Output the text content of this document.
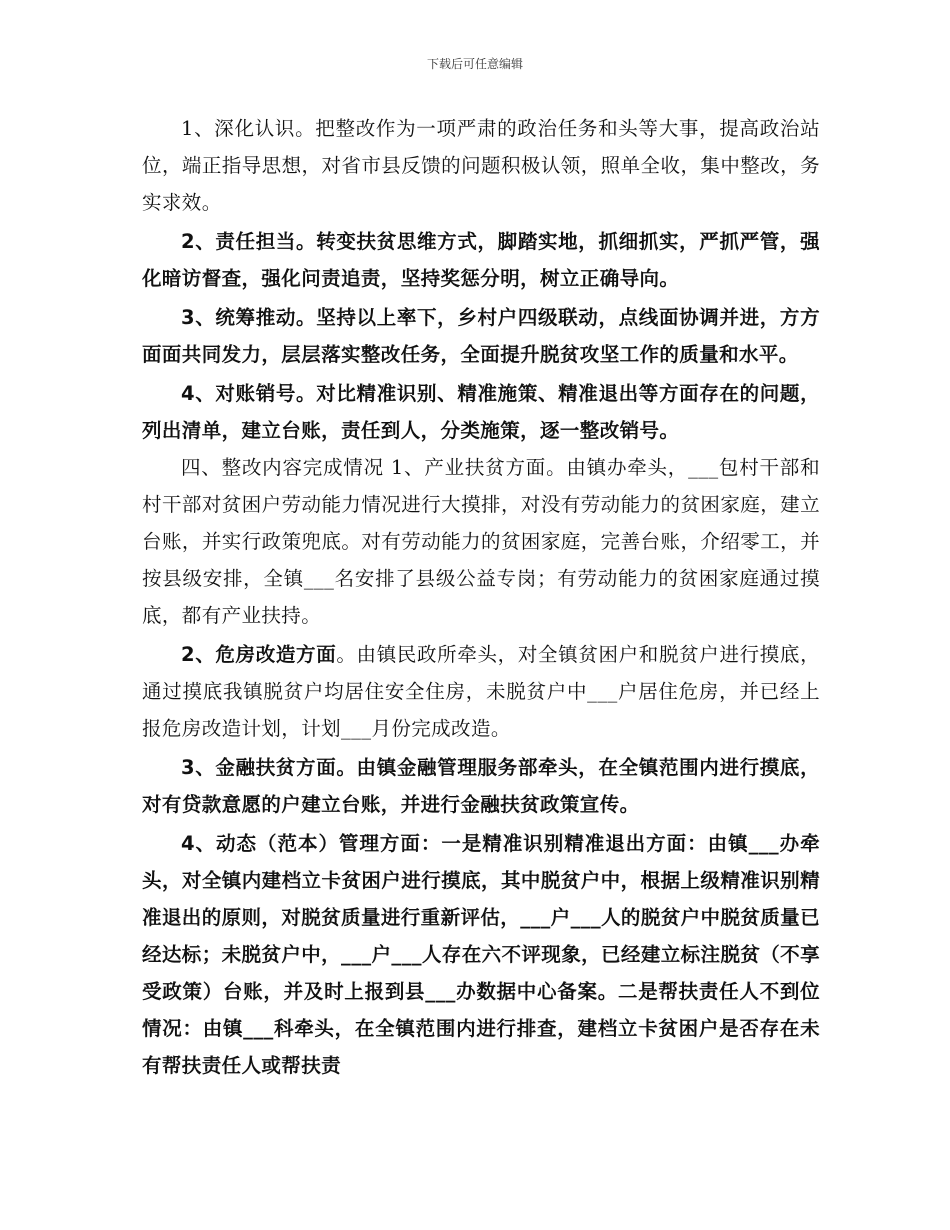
下载后可任意编辑

1、深化认识。把整改作为一项严肃的政治任务和头等大事，提高政治站位，端正指导思想，对省市县反馈的问题积极认领，照单全收，集中整改，务实求效。

2、责任担当。转变扶贫思维方式，脚踏实地，抓细抓实，严抓严管，强化暗访督查，强化问责追责，坚持奖惩分明，树立正确导向。

3、统筹推动。坚持以上率下，乡村户四级联动，点线面协调并进，方方面面共同发力，层层落实整改任务，全面提升脱贫攻坚工作的质量和水平。

4、对账销号。对比精准识别、精准施策、精准退出等方面存在的问题，列出清单，建立台账，责任到人，分类施策，逐一整改销号。

四、整改内容完成情况 1、产业扶贫方面。由镇办牵头，___包村干部和村干部对贫困户劳动能力情况进行大摸排，对没有劳动能力的贫困家庭，建立台账，并实行政策兜底。对有劳动能力的贫困家庭，完善台账，介绍零工，并按县级安排，全镇___名安排了县级公益专岗；有劳动能力的贫困家庭通过摸底，都有产业扶持。

2、危房改造方面。由镇民政所牵头，对全镇贫困户和脱贫户进行摸底，通过摸底我镇脱贫户均居住安全住房，未脱贫户中___户居住危房，并已经上报危房改造计划，计划___月份完成改造。

3、金融扶贫方面。由镇金融管理服务部牵头，在全镇范围内进行摸底，对有贷款意愿的户建立台账，并进行金融扶贫政策宣传。

4、动态（范本）管理方面：一是精准识别精准退出方面：由镇___办牵头，对全镇内建档立卡贫困户进行摸底，其中脱贫户中，根据上级精准识别精准退出的原则，对脱贫质量进行重新评估，___户___人的脱贫户中脱贫质量已经达标；未脱贫户中，___户___人存在六不评现象，已经建立标注脱贫（不享受政策）台账，并及时上报到县___办数据中心备案。二是帮扶责任人不到位情况：由镇___科牵头，在全镇范围内进行排查，建档立卡贫困户是否存在未有帮扶责任人或帮扶责
